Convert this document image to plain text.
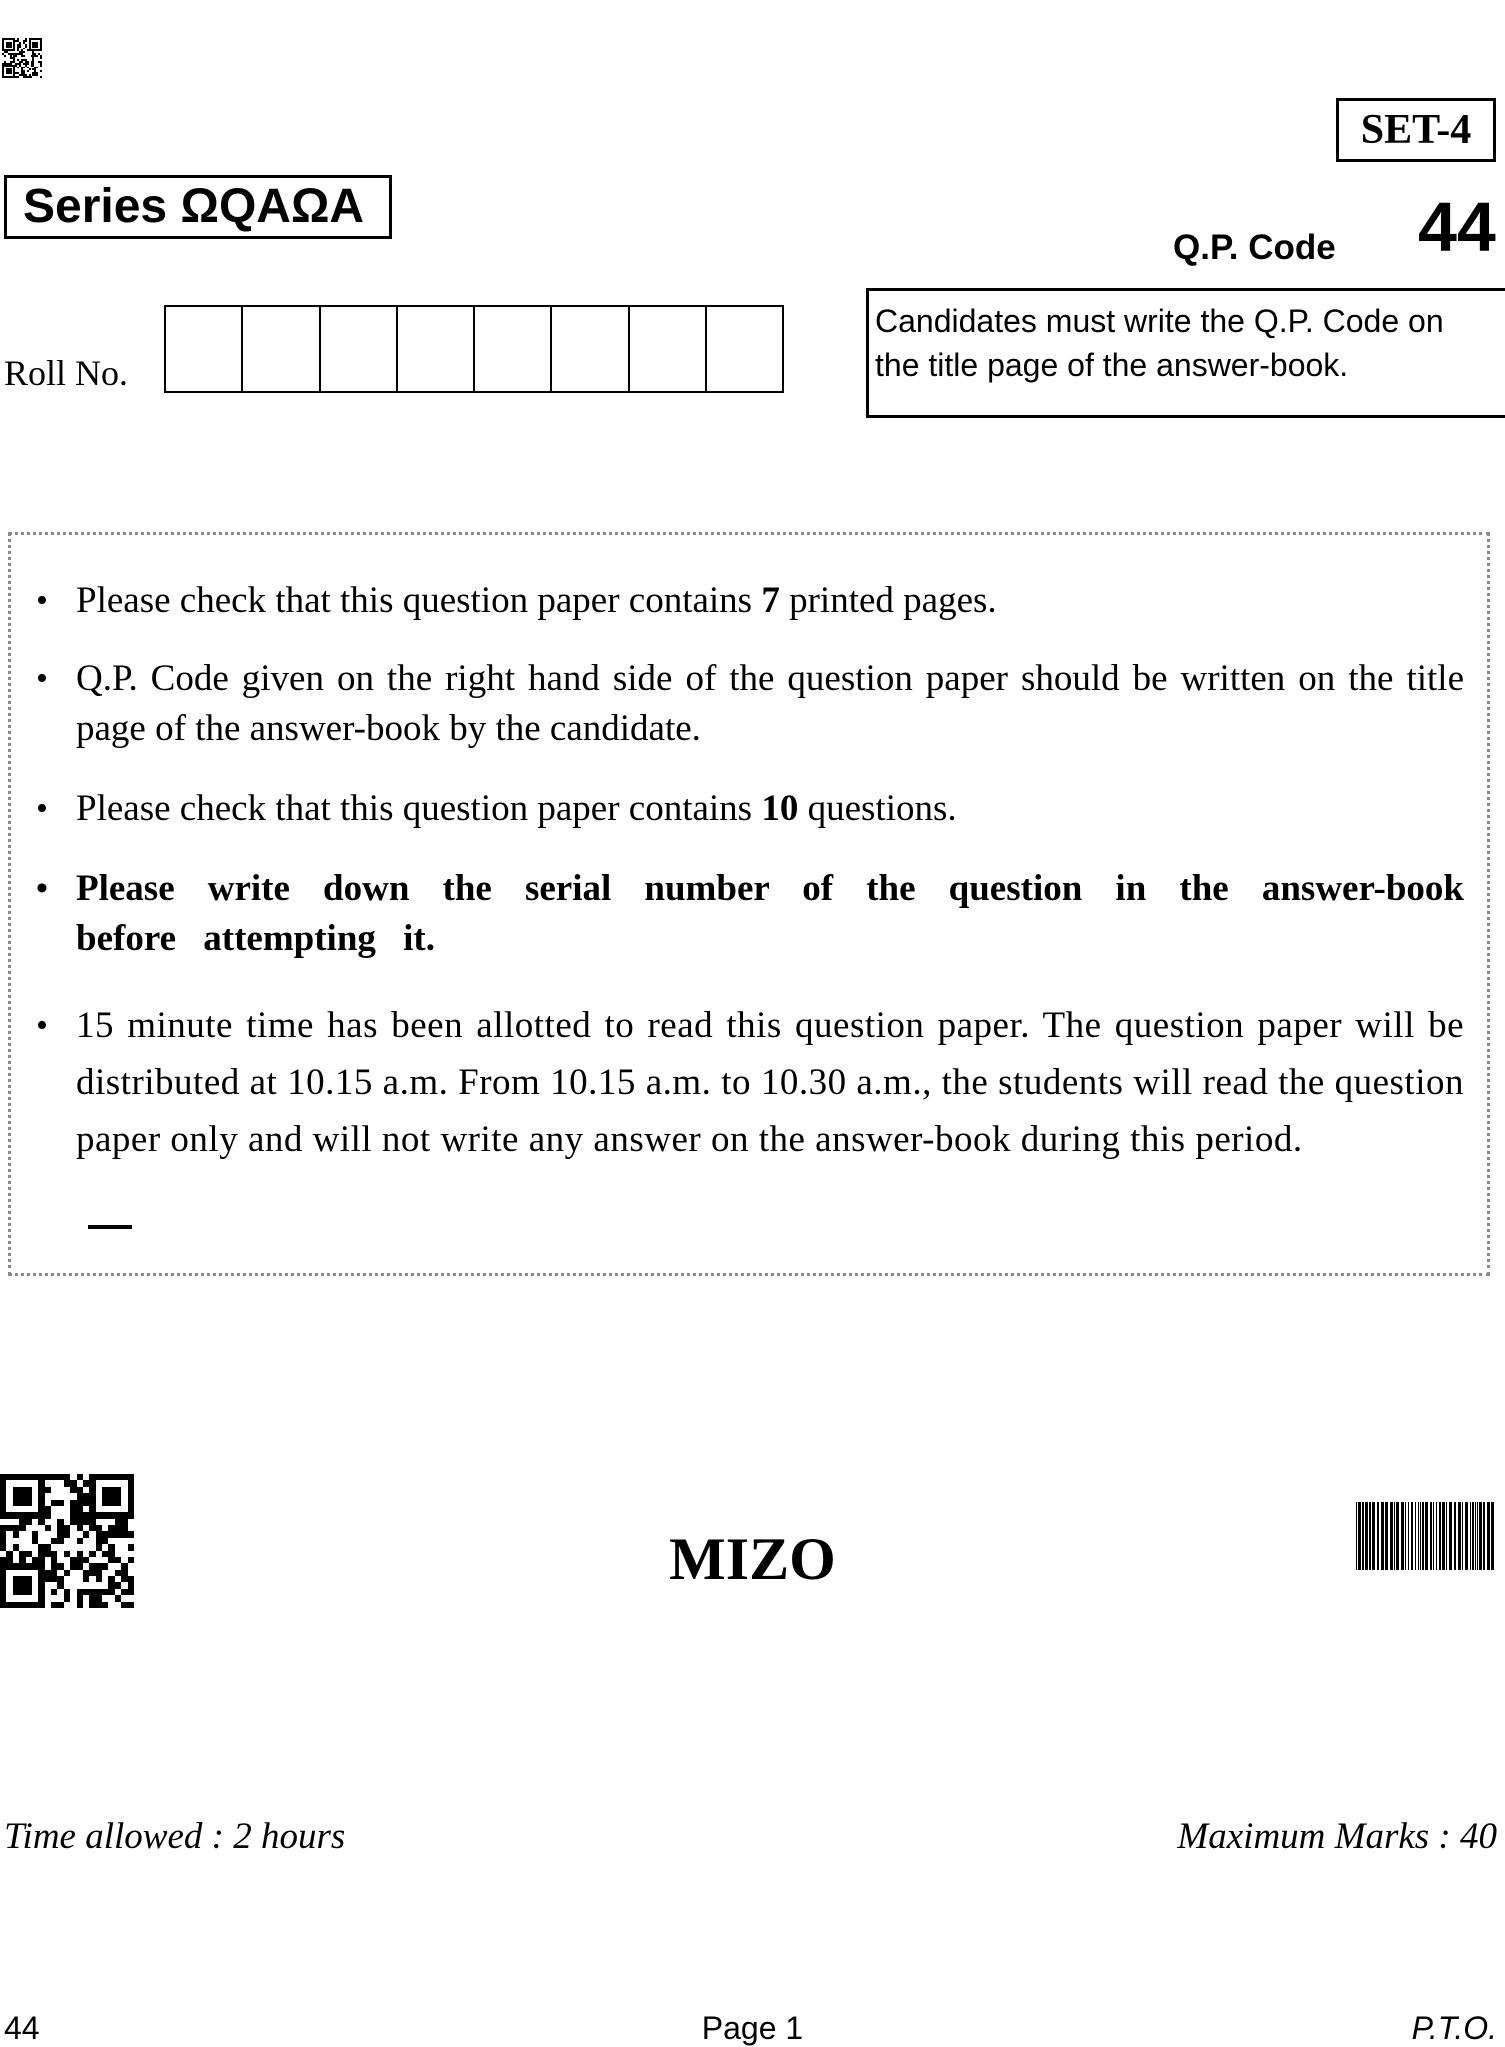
SET-4
Series ΩQAΩA
Q.P. Code 44
Roll No.
Candidates must write the Q.P. Code on
the title page of the answer-book.
• Please check that this question paper contains 7 printed pages.
• Q.P. Code given on the right hand side of the question paper should be written on the title page of the answer-book by the candidate.
• Please check that this question paper contains 10 questions.
• Please write down the serial number of the question in the answer-book before attempting it.
• 15 minute time has been allotted to read this question paper. The question paper will be distributed at 10.15 a.m. From 10.15 a.m. to 10.30 a.m., the students will read the question paper only and will not write any answer on the answer-book during this period.
MIZO
Time allowed : 2 hours	Maximum Marks : 40
44	Page 1	P.T.O.
